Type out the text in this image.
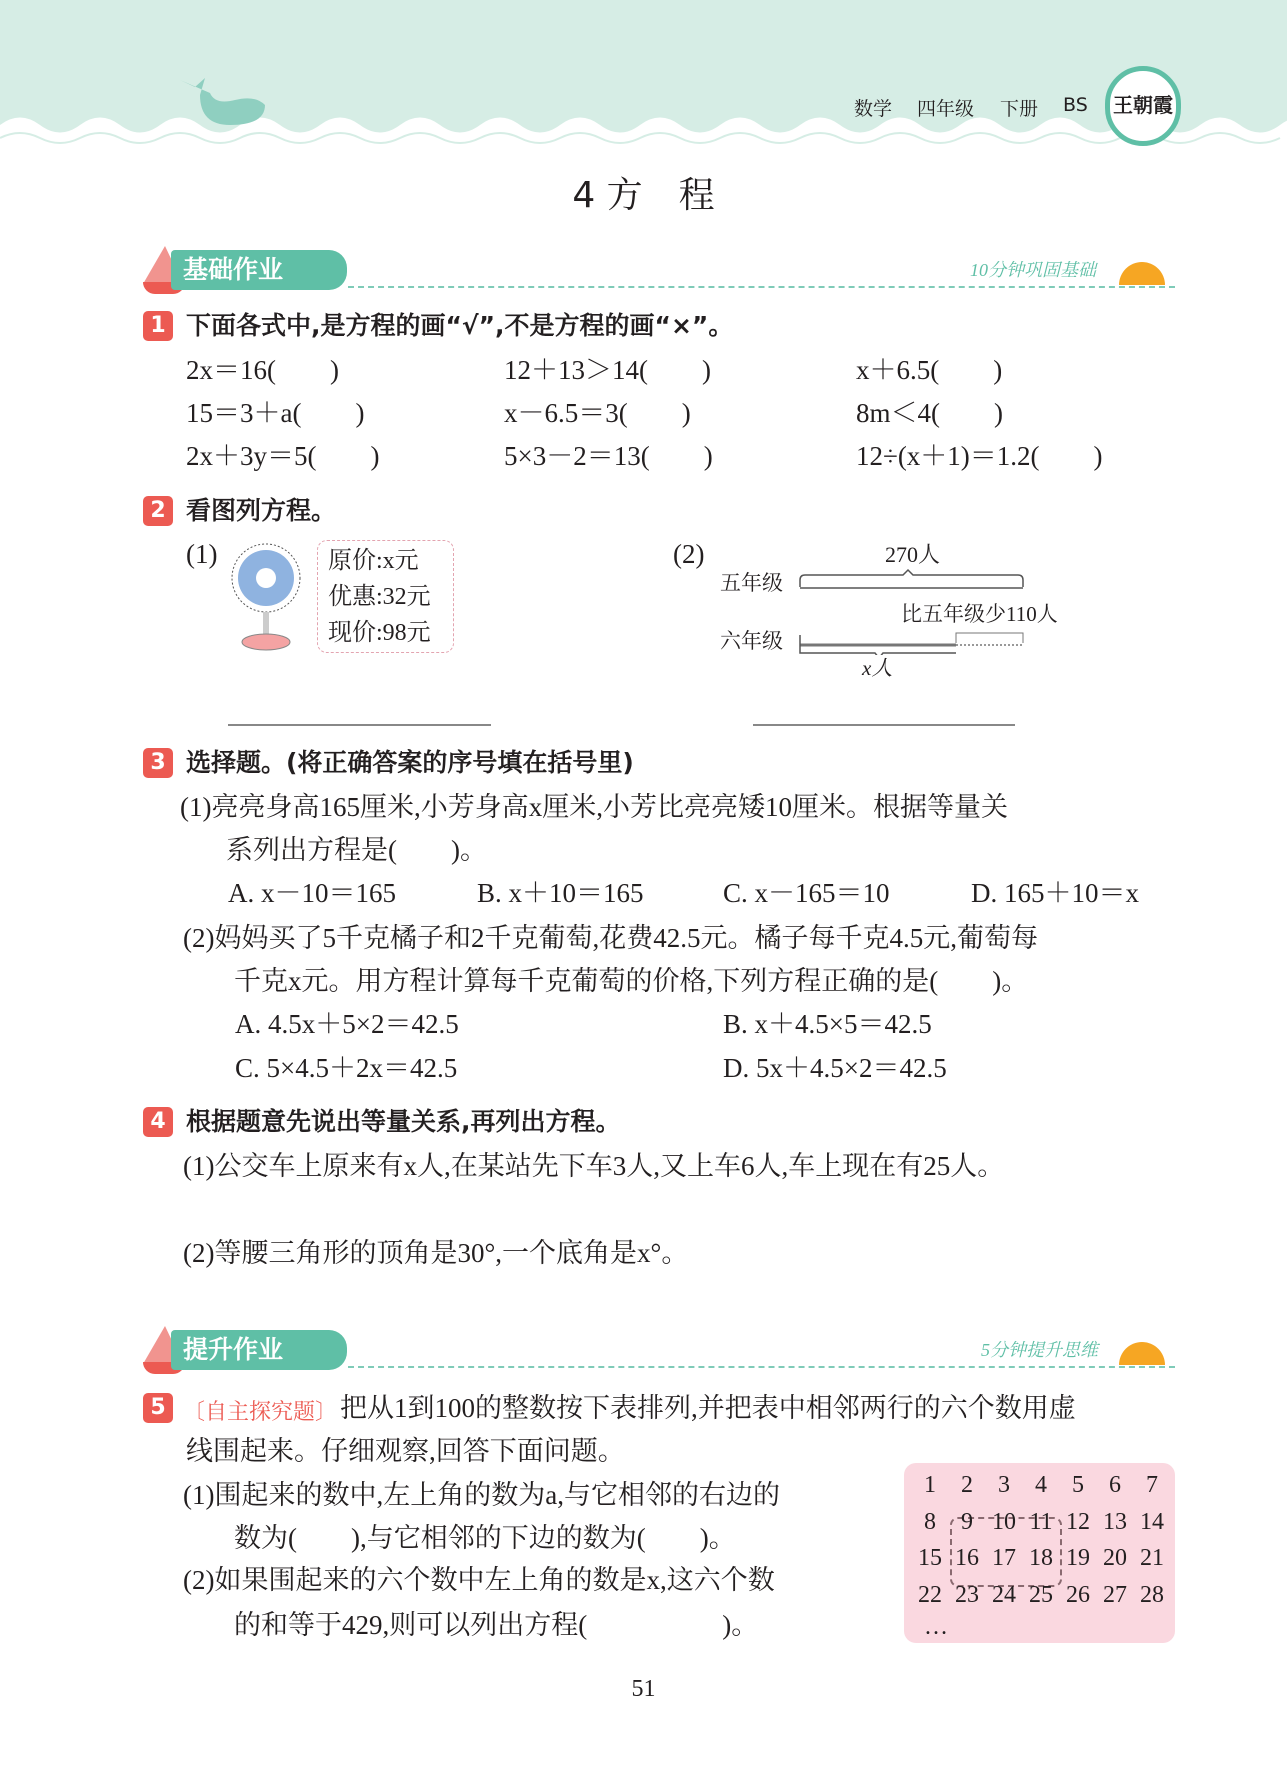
数学 四年级 下册 BS	王朝霞
4 方　程
基础作业	10分钟巩固基础
1 下面各式中,是方程的画“√”,不是方程的画“×”。
2x＝16(　　)	12＋13＞14(　　)	x＋6.5(　　)
15＝3＋a(　　)	x－6.5＝3(　　)	8m＜4(　　)
2x＋3y＝5(　　)	5×3－2＝13(　　)	12÷(x＋1)＝1.2(　　)
2 看图列方程。
(1)

	原价:x元

优惠:32元

现价:98元

(2)	270人
五年级
六年级
比五年级少110人
x人
3 选择题。(将正确答案的序号填在括号里)
(1)亮亮身高165厘米,小芳身高x厘米,小芳比亮亮矮10厘米。根据等量关
系列出方程是(　　)。
A. x－10＝165	B. x＋10＝165	C. x－165＝10	D. 165＋10＝x
(2)妈妈买了5千克橘子和2千克葡萄,花费42.5元。橘子每千克4.5元,葡萄每
千克x元。用方程计算每千克葡萄的价格,下列方程正确的是(　　)。
A. 4.5x＋5×2＝42.5	B. x＋4.5×5＝42.5
C. 5×4.5＋2x＝42.5	D. 5x＋4.5×2＝42.5
4 根据题意先说出等量关系,再列出方程。
(1)公交车上原来有x人,在某站先下车3人,又上车6人,车上现在有25人。
(2)等腰三角形的顶角是30°,一个底角是x°。
提升作业	5分钟提升思维
5 〔自主探究题〕 把从1到100的整数按下表排列,并把表中相邻两行的六个数用虚
线围起来。仔细观察,回答下面问题。
(1)围起来的数中,左上角的数为a,与它相邻的右边的
数为(　　),与它相邻的下边的数为(　　)。
(2)如果围起来的六个数中左上角的数是x,这六个数
的和等于429,则可以列出方程(　　　　　)。	…
1	2	3	4	5	6	7
8	9 10 11 12 13 14
15 16 17 18 19 20 21
22 23 24 25 26 27 28
51
